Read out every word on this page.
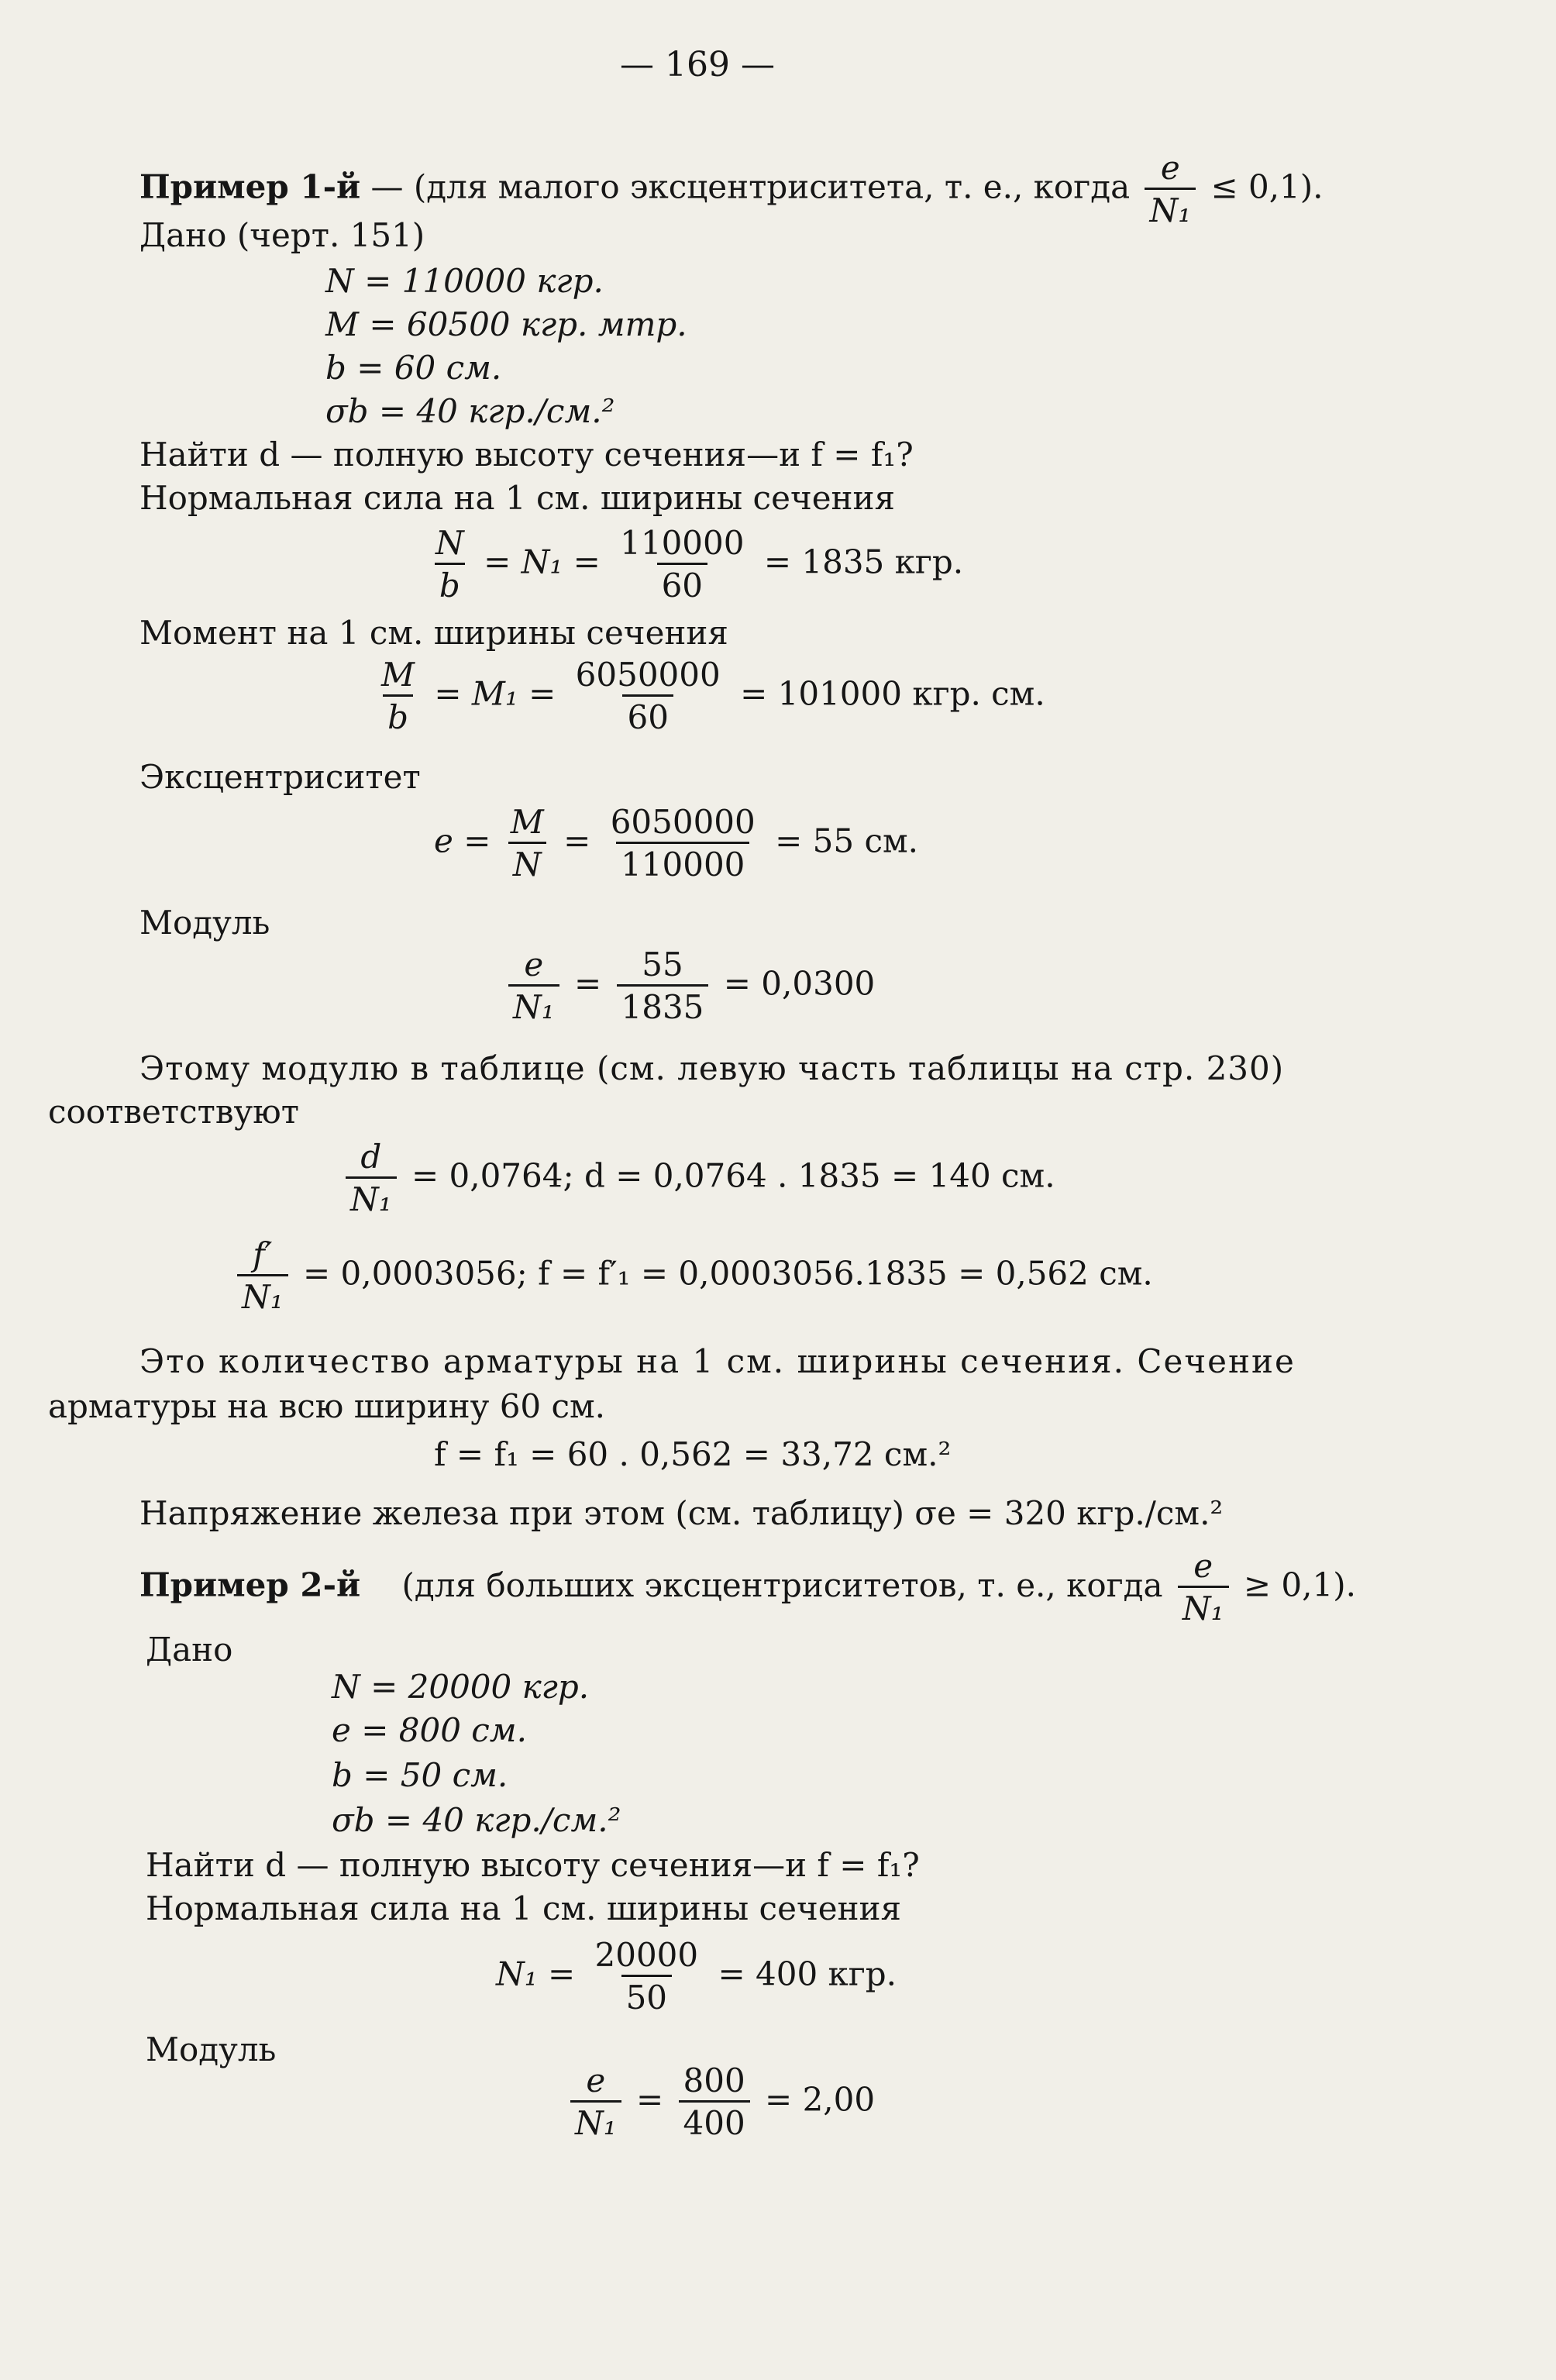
— 169 —
Пример 1-й — (для малого эксцентриситета, т. е., когда $\frac{e}{\text{N₁}} \le 0,1$).
Дано (черт. 151)
N = 110000 кгр.
M = 60500 кгр. мтр.
b = 60 см.
σb = 40 кгр./см.²
Найти d — полную высоту сечения—и f = f₁?
Нормальная сила на 1 см. ширины сечения
$\frac{N}{b} = N_1 = \frac{110000}{60} = 1835$ кгр.
Момент на 1 см. ширины сечения
$\frac{M}{b} = M_1 = \frac{6050000}{60} = 101000$ кгр. см.
Эксцентриситет
$e = \frac{M}{N} = \frac{6050000}{110000} = 55$ см.
Модуль
$\frac{e}{\text{N₁}} = \frac{55}{1835} = 0,0300$
Этому модулю в таблице (см. левую часть таблицы на стр. 230)
соответствуют
$\frac{d}{\text{N₁}} = 0,0764$; d = 0,0764 . 1835 = 140 см.
$\frac{f'}{\text{N₁}} = 0,0003056$; f = f′₁ = 0,0003056.1835 = 0,562 см.
Это количество арматуры на 1 см. ширины сечения. Сечение
арматуры на всю ширину 60 см.
f = f₁ = 60 . 0,562 = 33,72 см.²
Напряжение железа при этом (см. таблицу) σe = 320 кгр./см.²
Пример 2-й (для больших эксцентриситетов, т. е., когда $\frac{e}{\text{N₁}} \ge 0,1$).
Дано
N = 20000 кгр.
e = 800 см.
b = 50 см.
σb = 40 кгр./см.²
Найти d — полную высоту сечения—и f = f₁?
Нормальная сила на 1 см. ширины сечения
$N_1 = \frac{20000}{50} = 400$ кгр.
Модуль
$\frac{e}{\text{N₁}} = \frac{800}{400} = 2,00$
